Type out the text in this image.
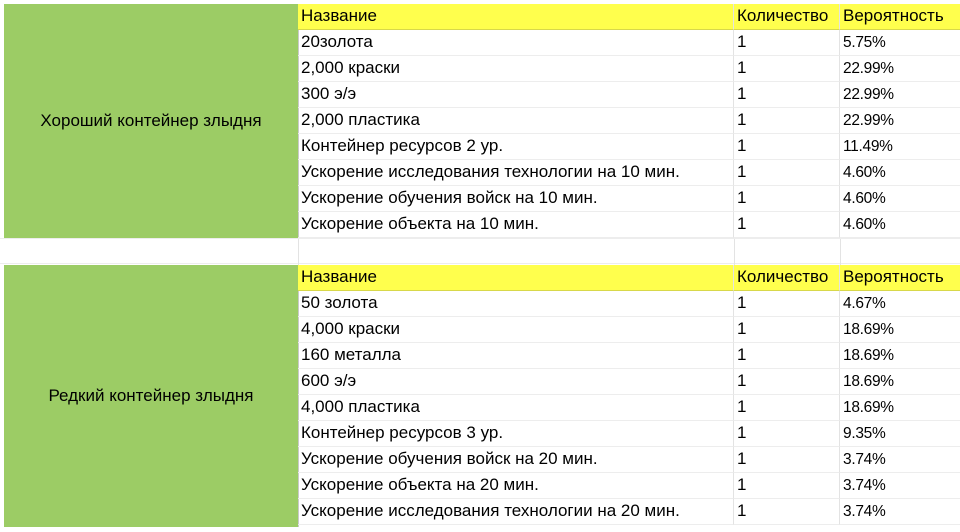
Хороший контейнер злыдня
Название	Количество Вероятность
20золота	1	5.75%
2,000 краски	1	22.99%
300 э/э	1	22.99%
2,000 пластика	1	22.99%
Контейнер ресурсов 2 ур.	1	11.49%
Ускорение исследования технологии на 10 мин.	1	4.60%
Ускорение обучения войск на 10 мин.	1	4.60%
Ускорение объекта на 10 мин.	1	4.60%
Редкий контейнер злыдня
Название	Количество Вероятность
50 золота	1	4.67%
4,000 краски	1	18.69%
160 металла	1	18.69%
600 э/э	1	18.69%
4,000 пластика	1	18.69%
Контейнер ресурсов 3 ур.	1	9.35%
Ускорение обучения войск на 20 мин.	1	3.74%
Ускорение объекта на 20 мин.	1	3.74%
Ускорение исследования технологии на 20 мин.	1	3.74%
